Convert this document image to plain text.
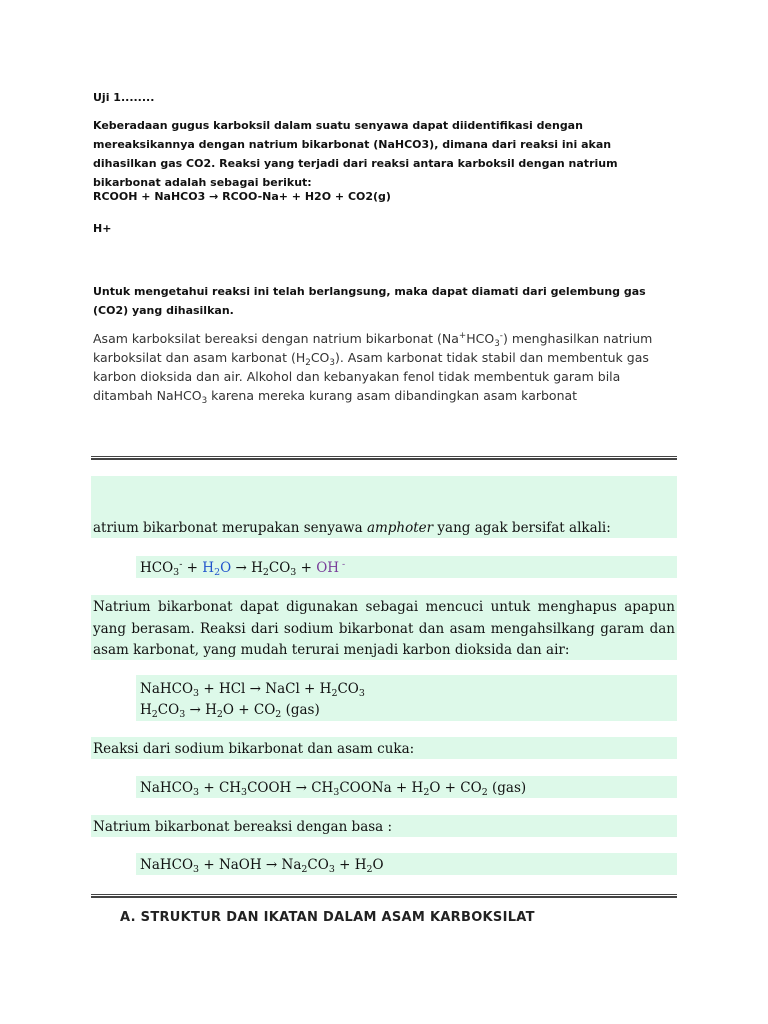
Uji 1........
Keberadaan gugus karboksil dalam suatu senyawa dapat diidentifikasi dengan mereaksikannya dengan natrium bikarbonat (NaHCO3), dimana dari reaksi ini akan dihasilkan gas CO2. Reaksi yang terjadi dari reaksi antara karboksil dengan natrium bikarbonat adalah sebagai berikut:
RCOOH + NaHCO3 → RCOO-Na+ + H2O + CO2(g)
H+
Untuk mengetahui reaksi ini telah berlangsung, maka dapat diamati dari gelembung gas (CO2) yang dihasilkan.
Asam karboksilat bereaksi dengan natrium bikarbonat $(Na^+HCO_3^-)$ menghasilkan natrium karboksilat dan asam karbonat $(H_2CO_3)$. Asam karbonat tidak stabil dan membentuk gas karbon dioksida dan air. Alkohol dan kebanyakan fenol tidak membentuk garam bila ditambah NaHCO$_3$ karena mereka kurang asam dibandingkan asam karbonat
atrium bikarbonat merupakan senyawa amphoter yang agak bersifat alkali:
$HCO_3^- + H_2O \to H_2CO_3$ + OH -
Natrium bikarbonat dapat digunakan sebagai mencuci untuk menghapus apapun yang berasam. Reaksi dari sodium bikarbonat dan asam mengahsilkang garam dan asam karbonat, yang mudah terurai menjadi karbon dioksida dan air:
NaHCO$_3$ + HCl → NaCl + $H_2CO_3$
$H_2CO_3 \to H_2O + CO_2$ (gas)
Reaksi dari sodium bikarbonat dan asam cuka:
NaHCO$_3$ + $CH_3COOH$ → $CH_3COONa + H_2O + CO_2$ (gas)
Natrium bikarbonat bereaksi dengan basa :
NaHCO$_3$ + NaOH → $Na_2CO_3 + H_2O$
A. STRUKTUR DAN IKATAN DALAM ASAM KARBOKSILAT
